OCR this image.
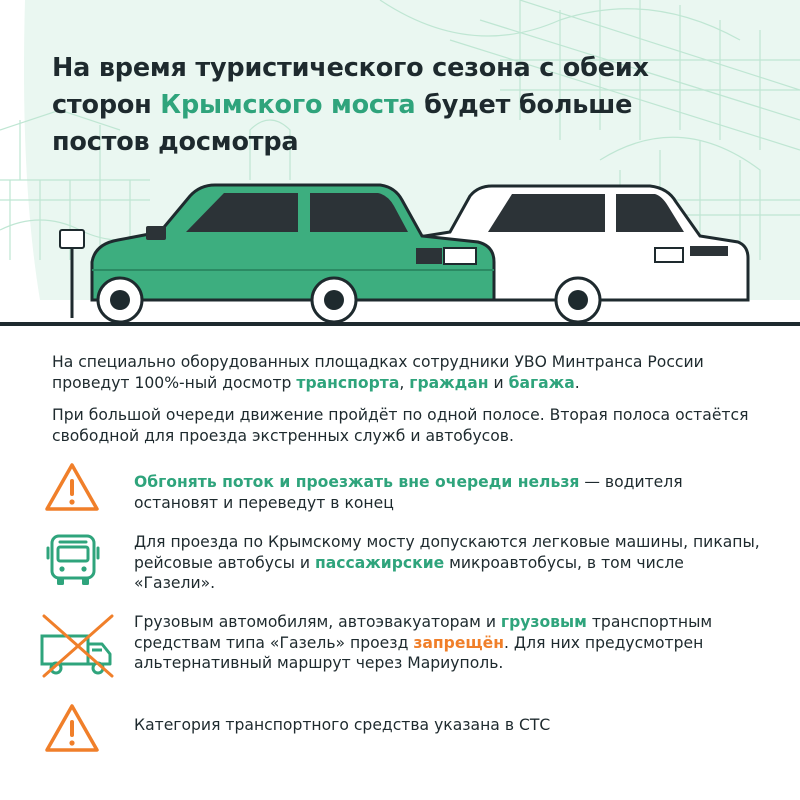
На время туристического сезона с обеих сторон Крымского моста будет больше постов досмотра

На специально оборудованных площадках сотрудники УВО Минтранса России проведут 100%-ный досмотр транспорта, граждан и багажа.

При большой очереди движение пройдёт по одной полосе. Вторая полоса остаётся свободной для проезда экстренных служб и автобусов.

Обгонять поток и проезжать вне очереди нельзя — водителя остановят и переведут в конец

Для проезда по Крымскому мосту допускаются легковые машины, пикапы, рейсовые автобусы и пассажирские микроавтобусы, в том числе «Газели».

Грузовым автомобилям, автоэвакуаторам и грузовым транспортным средствам типа «Газель» проезд запрещён. Для них предусмотрен альтернативный маршрут через Мариуполь.

Категория транспортного средства указана в СТС
